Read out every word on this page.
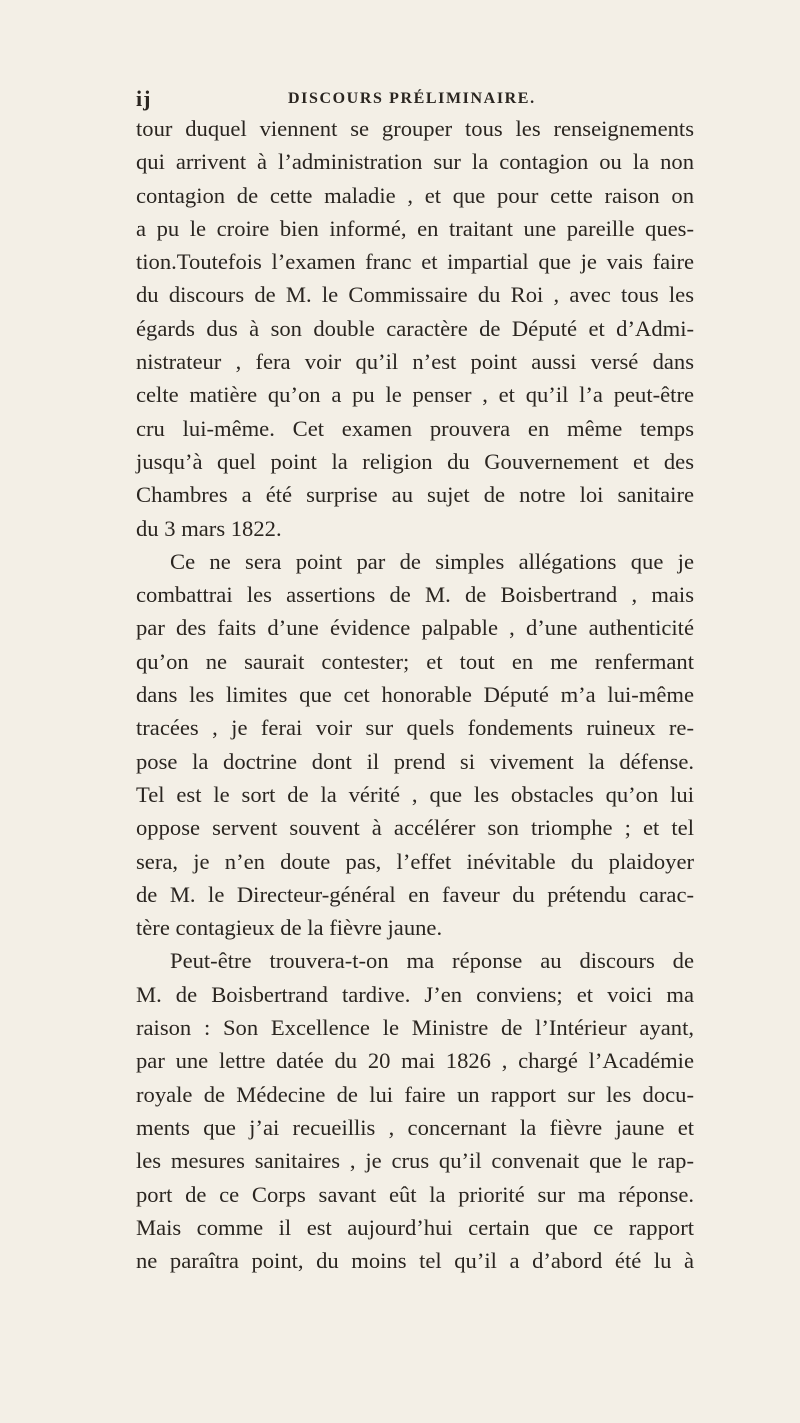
ij	DISCOURS PRÉLIMINAIRE.
tour duquel viennent se grouper tous les renseignements
qui arrivent à l’administration sur la contagion ou la non
contagion de cette maladie , et que pour cette raison on
a pu le croire bien informé, en traitant une pareille ques-
tion.Toutefois l’examen franc et impartial que je vais faire
du discours de M. le Commissaire du Roi , avec tous les
égards dus à son double caractère de Député et d’Admi-
nistrateur , fera voir qu’il n’est point aussi versé dans
celte matière qu’on a pu le penser , et qu’il l’a peut-être
cru lui-même. Cet examen prouvera en même temps
jusqu’à quel point la religion du Gouvernement et des
Chambres a été surprise au sujet de notre loi sanitaire
du 3 mars 1822.
Ce ne sera point par de simples allégations que je
combattrai les assertions de M. de Boisbertrand , mais
par des faits d’une évidence palpable , d’une authenticité
qu’on ne saurait contester; et tout en me renfermant
dans les limites que cet honorable Député m’a lui-même
tracées , je ferai voir sur quels fondements ruineux re-
pose la doctrine dont il prend si vivement la défense.
Tel est le sort de la vérité , que les obstacles qu’on lui
oppose servent souvent à accélérer son triomphe ; et tel
sera, je n’en doute pas, l’effet inévitable du plaidoyer
de M. le Directeur-général en faveur du prétendu carac-
tère contagieux de la fièvre jaune.
Peut-être trouvera-t-on ma réponse au discours de
M. de Boisbertrand tardive. J’en conviens; et voici ma
raison : Son Excellence le Ministre de l’Intérieur ayant,
par une lettre datée du 20 mai 1826 , chargé l’Académie
royale de Médecine de lui faire un rapport sur les docu-
ments que j’ai recueillis , concernant la fièvre jaune et
les mesures sanitaires , je crus qu’il convenait que le rap-
port de ce Corps savant eût la priorité sur ma réponse.
Mais comme il est aujourd’hui certain que ce rapport
ne paraîtra point, du moins tel qu’il a d’abord été lu à
